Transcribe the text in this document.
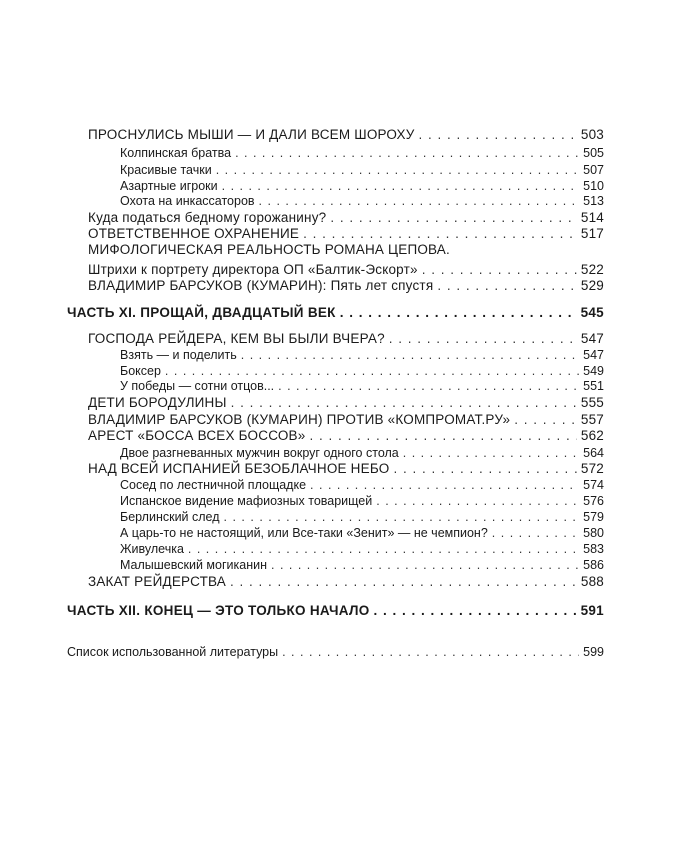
ПРОСНУЛИСЬ МЫШИ — И ДАЛИ ВСЕМ ШОРОХУ . . .	503
Колпинская братва . . .	505
Красивые тачки . . .	507
Азартные игроки . . .	510
Охота на инкассаторов . . .	513
Куда податься бедному горожанину? . . .	514
ОТВЕТСТВЕННОЕ ОХРАНЕНИЕ . . .	517
МИФОЛОГИЧЕСКАЯ РЕАЛЬНОСТЬ РОМАНА ЦЕПОВА.
Штрихи к портрету директора ОП «Балтик-Эскорт» . . .	522
ВЛАДИМИР БАРСУКОВ (КУМАРИН): Пять лет спустя . . .	529
ЧАСТЬ XI. ПРОЩАЙ, ДВАДЦАТЫЙ ВЕК . . .	545
ГОСПОДА РЕЙДЕРА, КЕМ ВЫ БЫЛИ ВЧЕРА? . . .	547
Взять — и поделить . . .	547
Боксер . . .	549
У победы — сотни отцов... . . .	551
ДЕТИ БОРОДУЛИНЫ . . .	555
ВЛАДИМИР БАРСУКОВ (КУМАРИН) ПРОТИВ «КОМПРОМАТ.РУ» . . .	557
АРЕСТ «БОССА ВСЕХ БОССОВ» . . .	562
Двое разгневанных мужчин вокруг одного стола . . .	564
НАД ВСЕЙ ИСПАНИЕЙ БЕЗОБЛАЧНОЕ НЕБО . . .	572
Сосед по лестничной площадке . . .	574
Испанское видение мафиозных товарищей . . .	576
Берлинский след . . .	579
А царь-то не настоящий, или Все-таки «Зенит» — не чемпион? . . .	580
Живулечка . . .	583
Малышевский могиканин . . .	586
ЗАКАТ РЕЙДЕРСТВА . . .	588
ЧАСТЬ XII. КОНЕЦ — ЭТО ТОЛЬКО НАЧАЛО . . .	591
Список использованной литературы . . .	599
